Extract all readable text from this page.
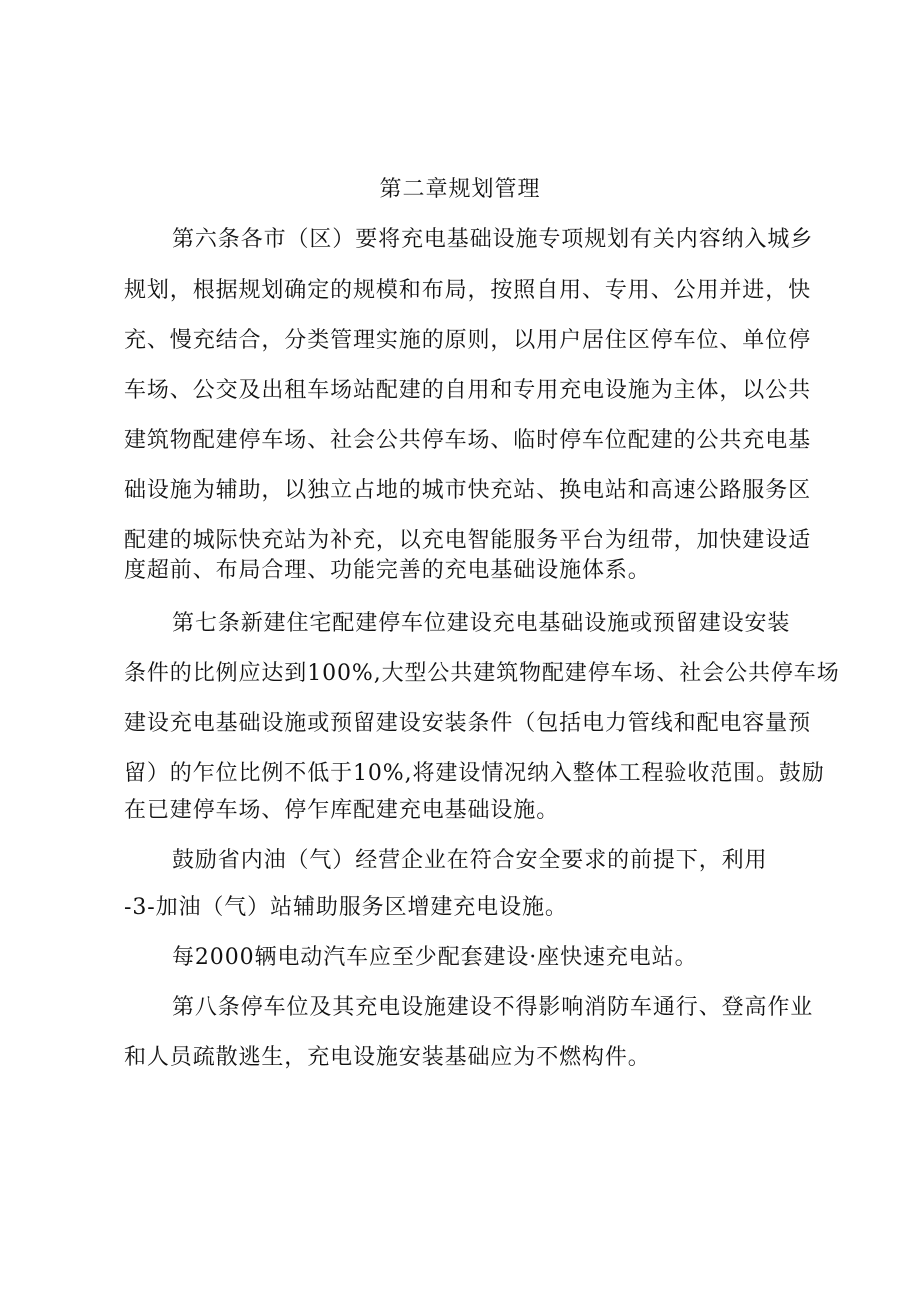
第二章规划管理
第六条各市（区）要将充电基础设施专项规划有关内容纳入城乡
规划，根据规划确定的规模和布局，按照自用、专用、公用并进，快
充、慢充结合，分类管理实施的原则，以用户居住区停车位、单位停
车场、公交及出租车场站配建的自用和专用充电设施为主体，以公共
建筑物配建停车场、社会公共停车场、临时停车位配建的公共充电基
础设施为辅助，以独立占地的城市快充站、换电站和高速公路服务区
配建的城际快充站为补充，以充电智能服务平台为纽带，加快建设适
度超前、布局合理、功能完善的充电基础设施体系。
第七条新建住宅配建停车位建设充电基础设施或预留建设安装
条件的比例应达到100%,大型公共建筑物配建停车场、社会公共停车场
建设充电基础设施或预留建设安装条件（包括电力管线和配电容量预
留）的乍位比例不低于10%,将建设情况纳入整体工程验收范围。鼓励
在已建停车场、停乍库配建充电基础设施。
鼓励省内油（气）经营企业在符合安全要求的前提下，利用
-3-加油（气）站辅助服务区增建充电设施。
每2000辆电动汽车应至少配套建设·座快速充电站。
第八条停车位及其充电设施建设不得影响消防车通行、登高作业
和人员疏散逃生，充电设施安装基础应为不燃构件。
